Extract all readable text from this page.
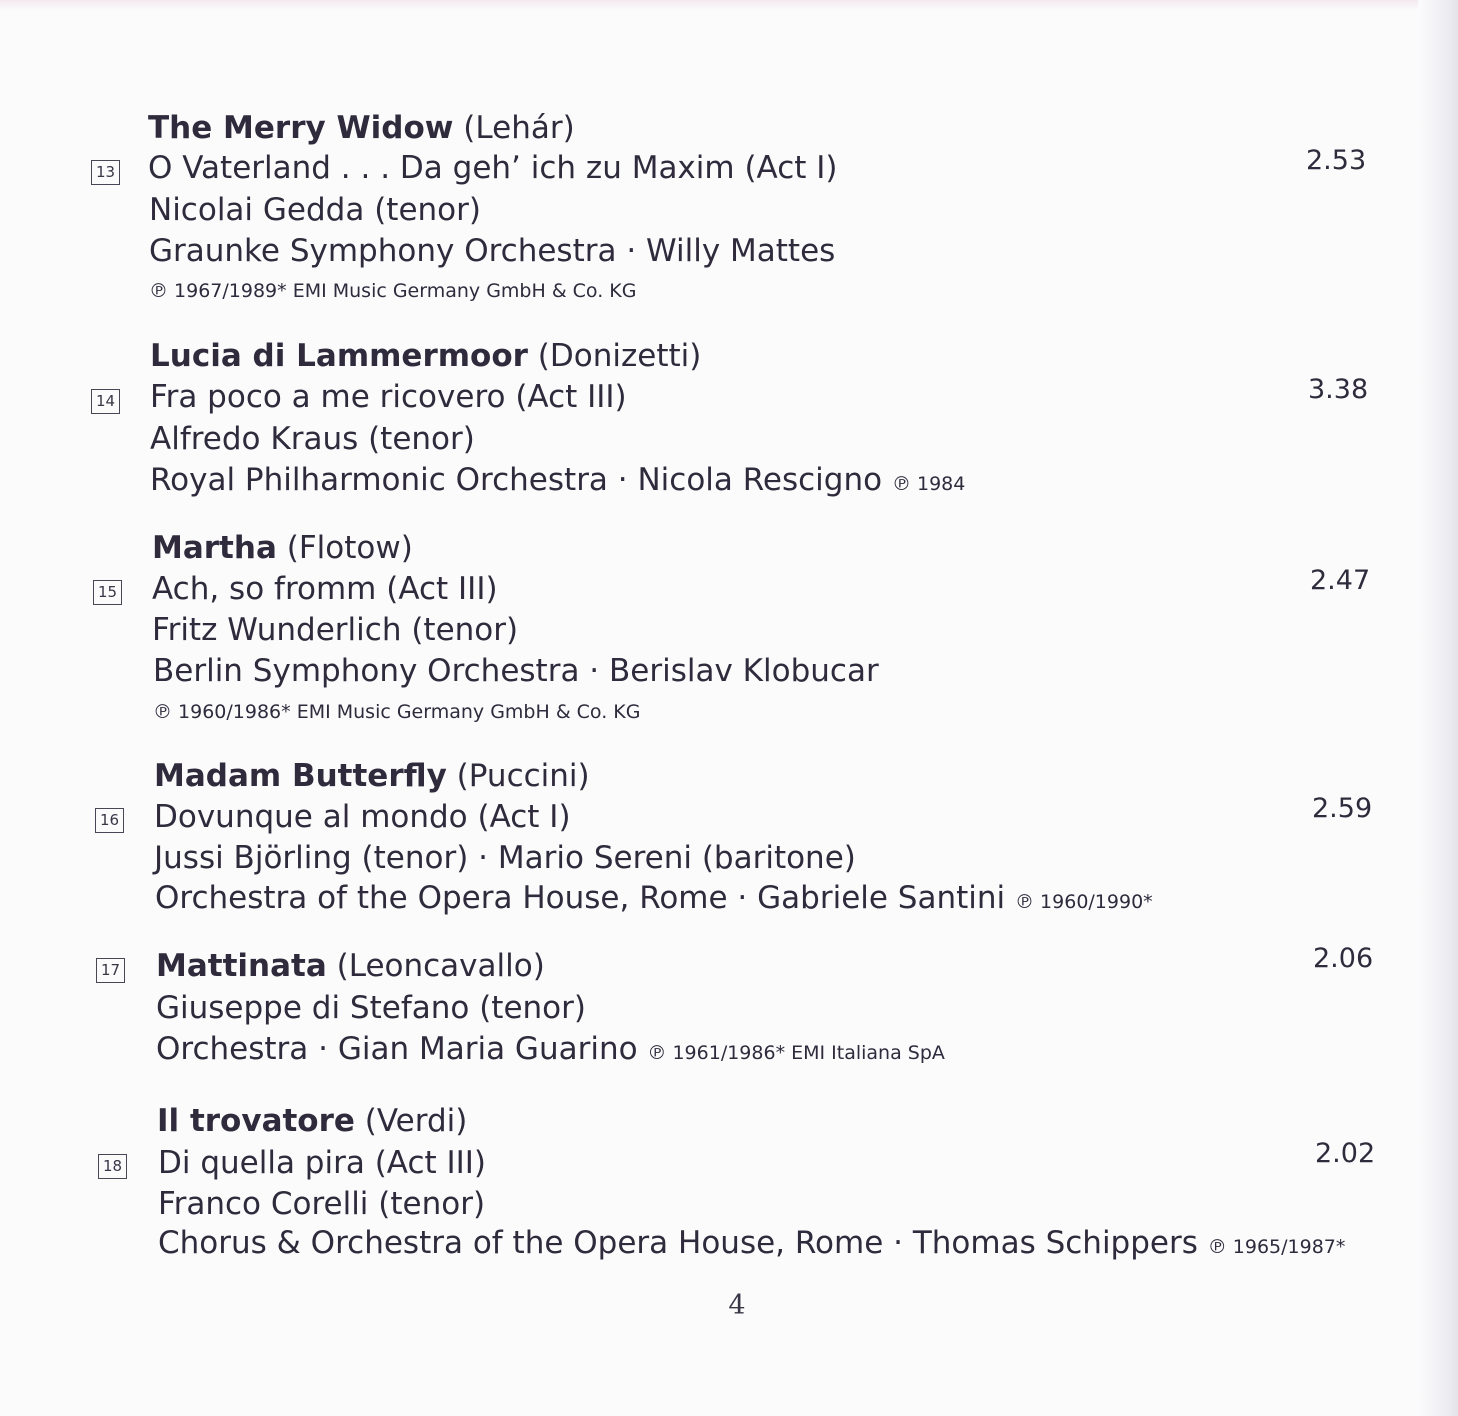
The Merry Widow (Lehár)
13 O Vaterland . . . Da geh’ ich zu Maxim (Act I)
Nicolai Gedda (tenor)
Graunke Symphony Orchestra · Willy Mattes
℗ 1967/1989* EMI Music Germany GmbH & Co. KG
2.53
Lucia di Lammermoor (Donizetti)
14 Fra poco a me ricovero (Act III)
Alfredo Kraus (tenor)
Royal Philharmonic Orchestra · Nicola Rescigno ℗ 1984
3.38
Martha (Flotow)
15 Ach, so fromm (Act III)
Fritz Wunderlich (tenor)
Berlin Symphony Orchestra · Berislav Klobucar
℗ 1960/1986* EMI Music Germany GmbH & Co. KG
2.47
Madam Butterfly (Puccini)
16 Dovunque al mondo (Act I)
Jussi Björling (tenor) · Mario Sereni (baritone)
Orchestra of the Opera House, Rome · Gabriele Santini ℗ 1960/1990*
2.59
17 Mattinata (Leoncavallo)
Giuseppe di Stefano (tenor)
Orchestra · Gian Maria Guarino ℗ 1961/1986* EMI Italiana SpA
2.06
Il trovatore (Verdi)
18 Di quella pira (Act III)
Franco Corelli (tenor)
Chorus & Orchestra of the Opera House, Rome · Thomas Schippers ℗ 1965/1987*
2.02
4
